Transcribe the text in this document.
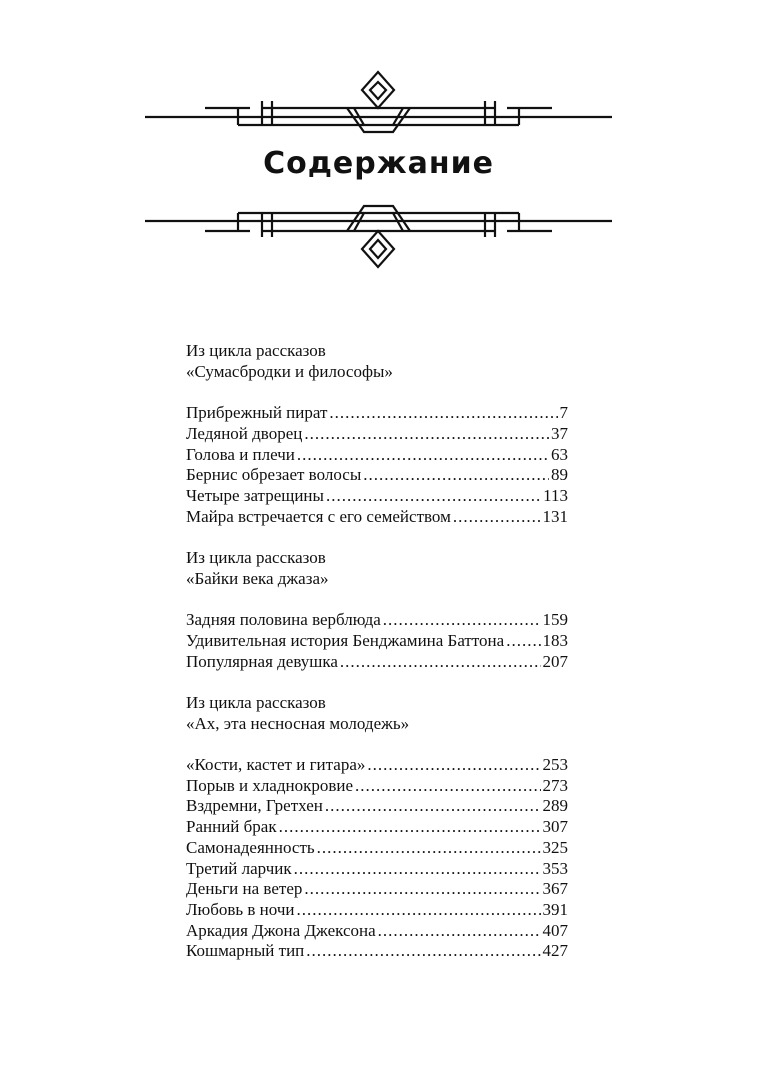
Содержание
Из цикла рассказов
«Сумасбродки и философы»
Прибрежный пират .....	7
Ледяной дворец .....	37
Голова и плечи .....	63
Бернис обрезает волосы .....	89
Четыре затрещины .....	113
Майра встречается с его семейством .....	131
Из цикла рассказов
«Байки века джаза»
Задняя половина верблюда .....	159
Удивительная история Бенджамина Баттона ..... 183
Популярная девушка .....	207
Из цикла рассказов
«Ах, эта несносная молодежь»
«Кости, кастет и гитара» .....	253
Порыв и хладнокровие .....	273
Вздремни, Гретхен .....	289
Ранний брак .....	307
Самонадеянность .....	325
Третий ларчик .....	353
Деньги на ветер .....	367
Любовь в ночи .....	391
Аркадия Джона Джексона .....	407
Кошмарный тип .....	427
